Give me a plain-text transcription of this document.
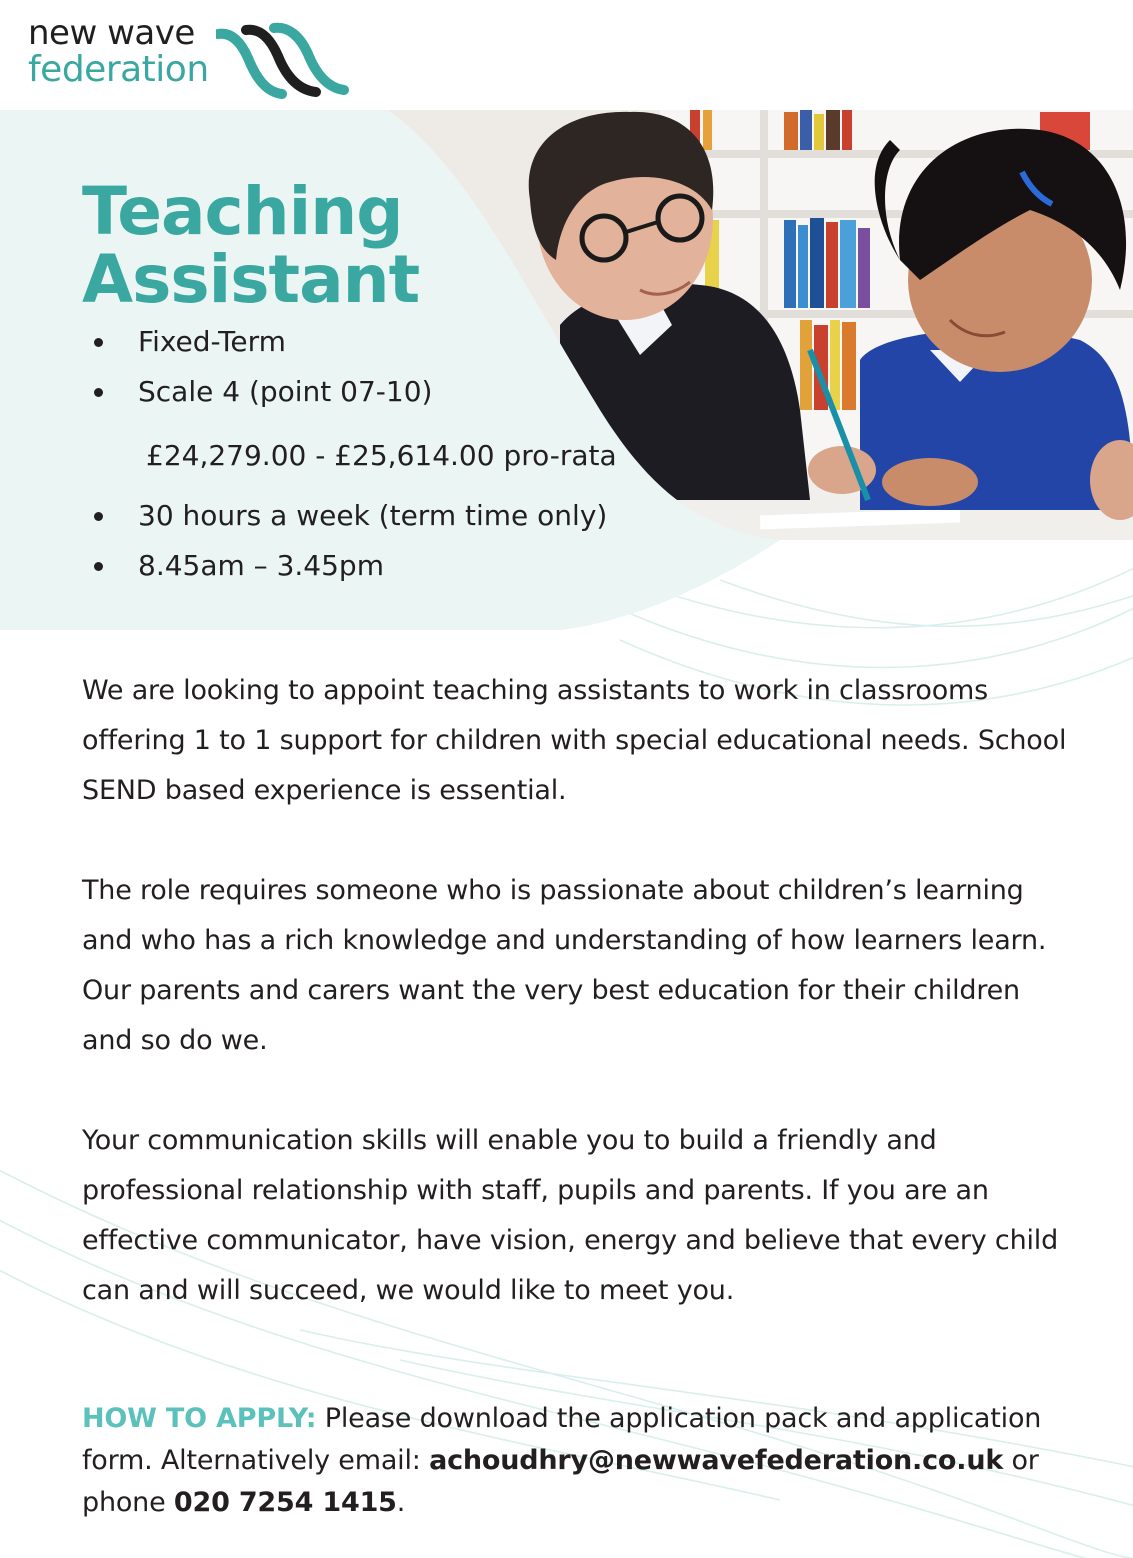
new wave
federation
Teaching
Assistant
Fixed-Term
Scale 4 (point 07-10)
£24,279.00 - £25,614.00 pro-rata
30 hours a week (term time only)
8.45am – 3.45pm

We are looking to appoint teaching assistants to work in classrooms offering 1 to 1 support for children with special educational needs. School SEND based experience is essential.

The role requires someone who is passionate about children’s learning and who has a rich knowledge and understanding of how learners learn. Our parents and carers want the very best education for their children and so do we.

Your communication skills will enable you to build a friendly and professional relationship with staff, pupils and parents. If you are an effective communicator, have vision, energy and believe that every child can and will succeed, we would like to meet you.

HOW TO APPLY: Please download the application pack and application form. Alternatively email: achoudhry@newwavefederation.co.uk or phone 020 7254 1415.
